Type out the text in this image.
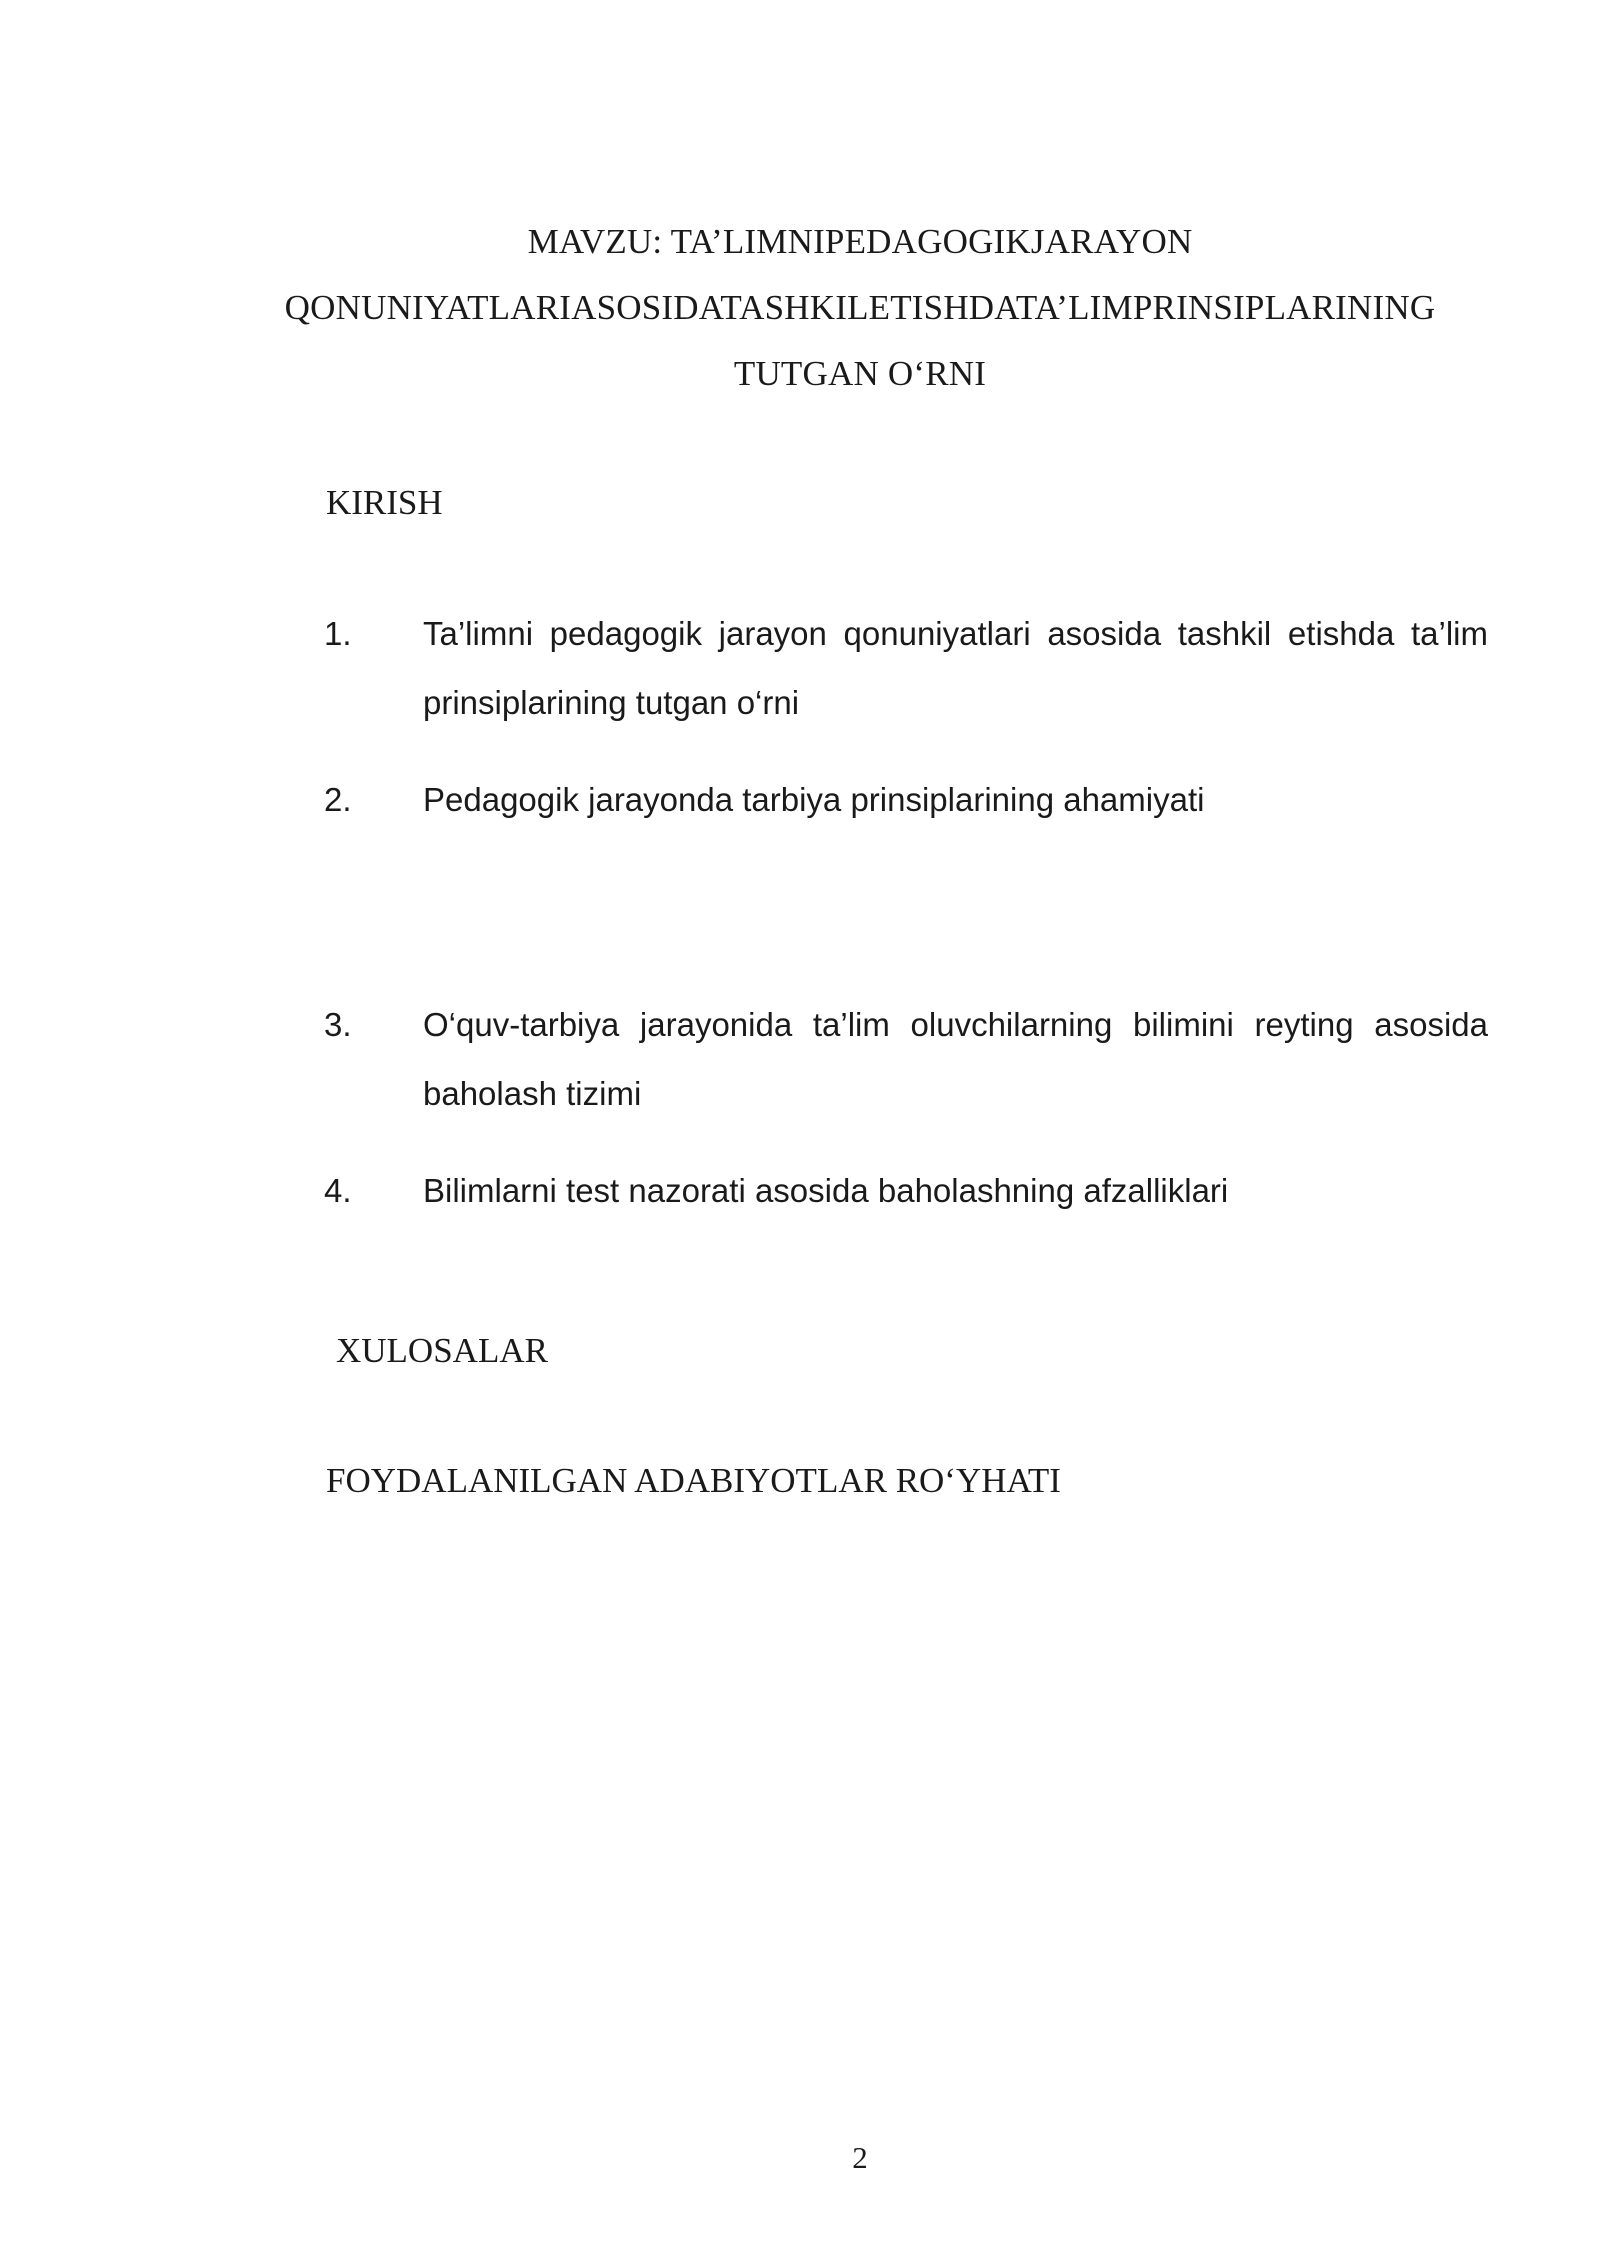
MAVZU: TA’LIMNIPEDAGOGIKJARAYON
QONUNIYATLARIASOSIDATASHKILETISHDATA’LIMPRINSIPLARINING
TUTGAN O‘RNI
KIRISH
1. Ta’limni pedagogik jarayon qonuniyatlari asosida tashkil etishda ta’lim prinsiplarining tutgan o‘rni
2. Pedagogik jarayonda tarbiya prinsiplarining ahamiyati
3. O‘quv-tarbiya jarayonida ta’lim oluvchilarning bilimini reyting asosida baholash tizimi
4. Bilimlarni test nazorati asosida baholashning afzalliklari
XULOSALAR
FOYDALANILGAN ADABIYOTLAR RO‘YHATI
2
